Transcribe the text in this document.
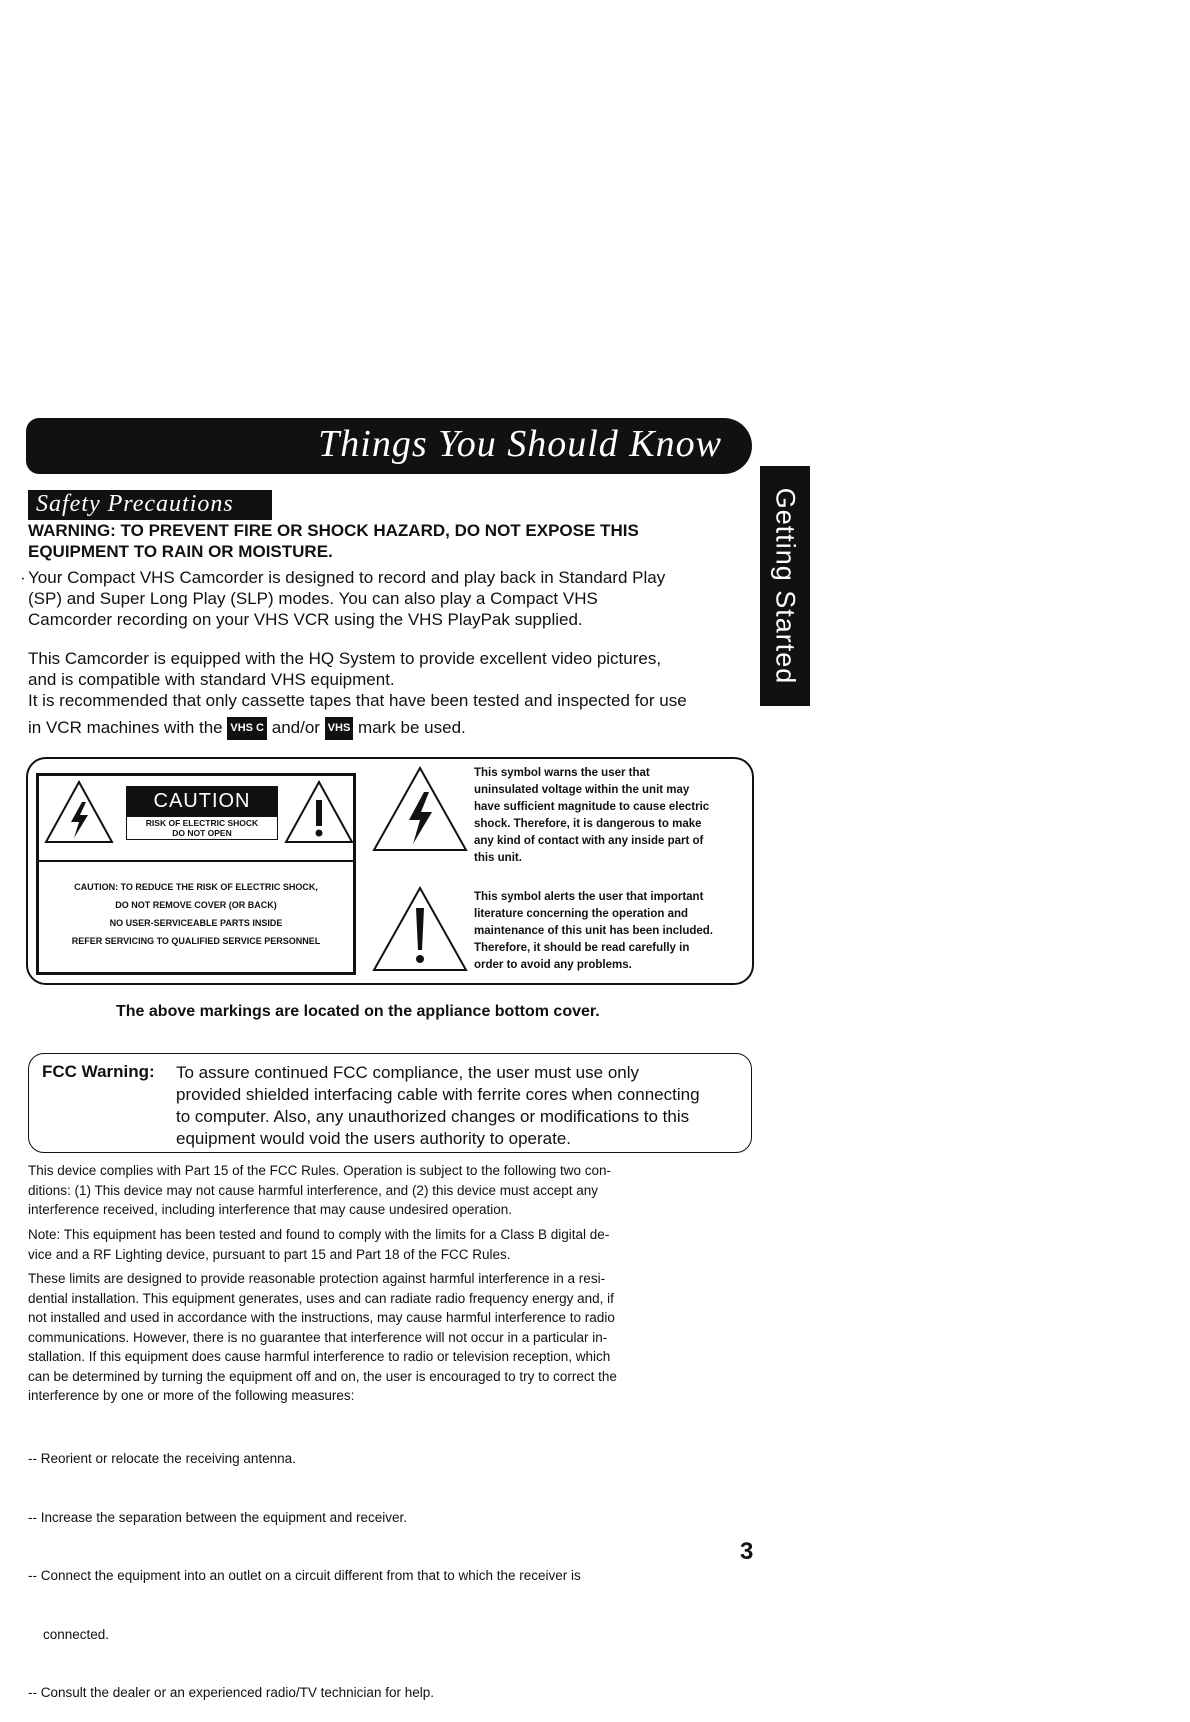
Things You Should Know
Getting Started
Safety Precautions
WARNING: TO PREVENT FIRE OR SHOCK HAZARD, DO NOT EXPOSE THIS
EQUIPMENT TO RAIN OR MOISTURE.
· Your Compact VHS Camcorder is designed to record and play back in Standard Play
(SP) and Super Long Play (SLP) modes. You can also play a Compact VHS
Camcorder recording on your VHS VCR using the VHS PlayPak supplied.
This Camcorder is equipped with the HQ System to provide excellent video pictures,
and is compatible with standard VHS equipment.
It is recommended that only cassette tapes that have been tested and inspected for use
in VCR machines with the VHS C and/or VHS mark be used.
CAUTION
RISK OF ELECTRIC SHOCK
DO NOT OPEN
CAUTION: TO REDUCE THE RISK OF ELECTRIC SHOCK,
DO NOT REMOVE COVER (OR BACK)
NO USER-SERVICEABLE PARTS INSIDE
REFER SERVICING TO QUALIFIED SERVICE PERSONNEL
This symbol warns the user that
uninsulated voltage within the unit may
have sufficient magnitude to cause electric
shock. Therefore, it is dangerous to make
any kind of contact with any inside part of
this unit.
This symbol alerts the user that important
literature concerning the operation and
maintenance of this unit has been included.
Therefore, it should be read carefully in
order to avoid any problems.
The above markings are located on the appliance bottom cover.
FCC Warning: To assure continued FCC compliance, the user must use only
provided shielded interfacing cable with ferrite cores when connecting
to computer. Also, any unauthorized changes or modifications to this
equipment would void the users authority to operate.
This device complies with Part 15 of the FCC Rules. Operation is subject to the following two con-
ditions: (1) This device may not cause harmful interference, and (2) this device must accept any
interference received, including interference that may cause undesired operation.
Note: This equipment has been tested and found to comply with the limits for a Class B digital de-
vice and a RF Lighting device, pursuant to part 15 and Part 18 of the FCC Rules.
These limits are designed to provide reasonable protection against harmful interference in a resi-
dential installation. This equipment generates, uses and can radiate radio frequency energy and, if
not installed and used in accordance with the instructions, may cause harmful interference to radio
communications. However, there is no guarantee that interference will not occur in a particular in-
stallation. If this equipment does cause harmful interference to radio or television reception, which
can be determined by turning the equipment off and on, the user is encouraged to try to correct the
interference by one or more of the following measures:

-- Reorient or relocate the receiving antenna.

-- Increase the separation between the equipment and receiver.

-- Connect the equipment into an outlet on a circuit different from that to which the receiver is

connected.

-- Consult the dealer or an experienced radio/TV technician for help.

3
